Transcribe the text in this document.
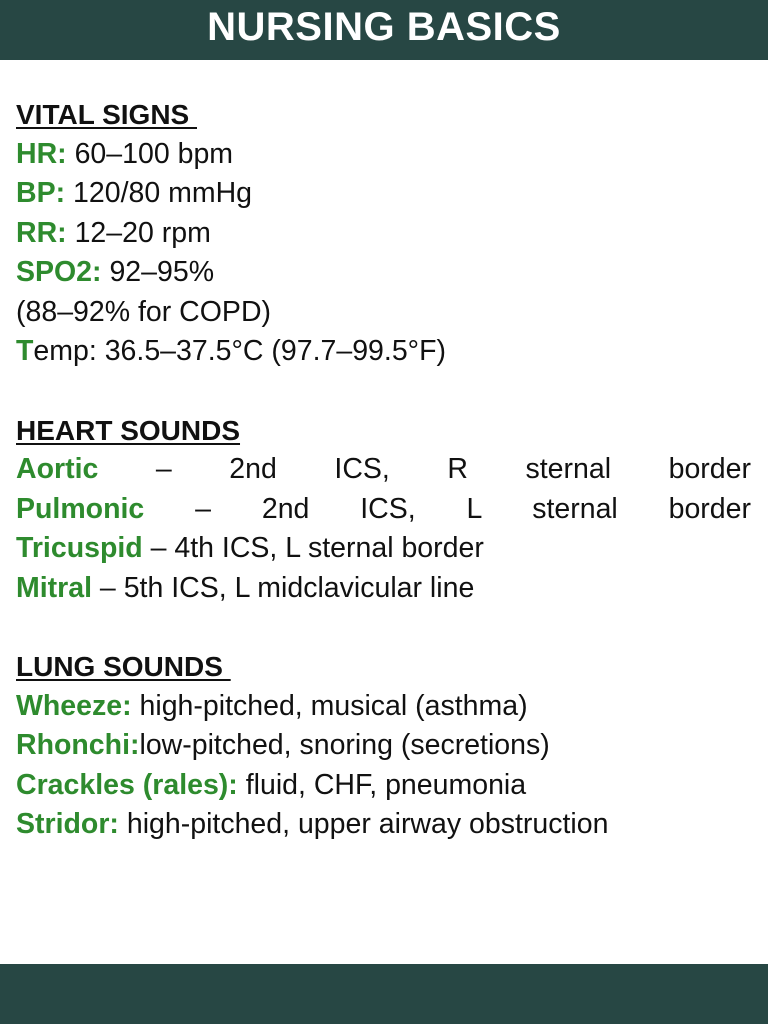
NURSING BASICS
VITAL SIGNS
HR: 60–100 bpm
BP: 120/80 mmHg
RR: 12–20 rpm
SPO2: 92–95%
(88–92% for COPD)
Temp: 36.5–37.5°C (97.7–99.5°F)
HEART SOUNDS
Aortic – 2nd ICS, R sternal border
Pulmonic – 2nd ICS, L sternal border
Tricuspid – 4th ICS, L sternal border
Mitral – 5th ICS, L midclavicular line
LUNG SOUNDS
Wheeze: high-pitched, musical (asthma)
Rhonchi:low-pitched, snoring (secretions)
Crackles (rales): fluid, CHF, pneumonia
Stridor: high-pitched, upper airway obstruction
